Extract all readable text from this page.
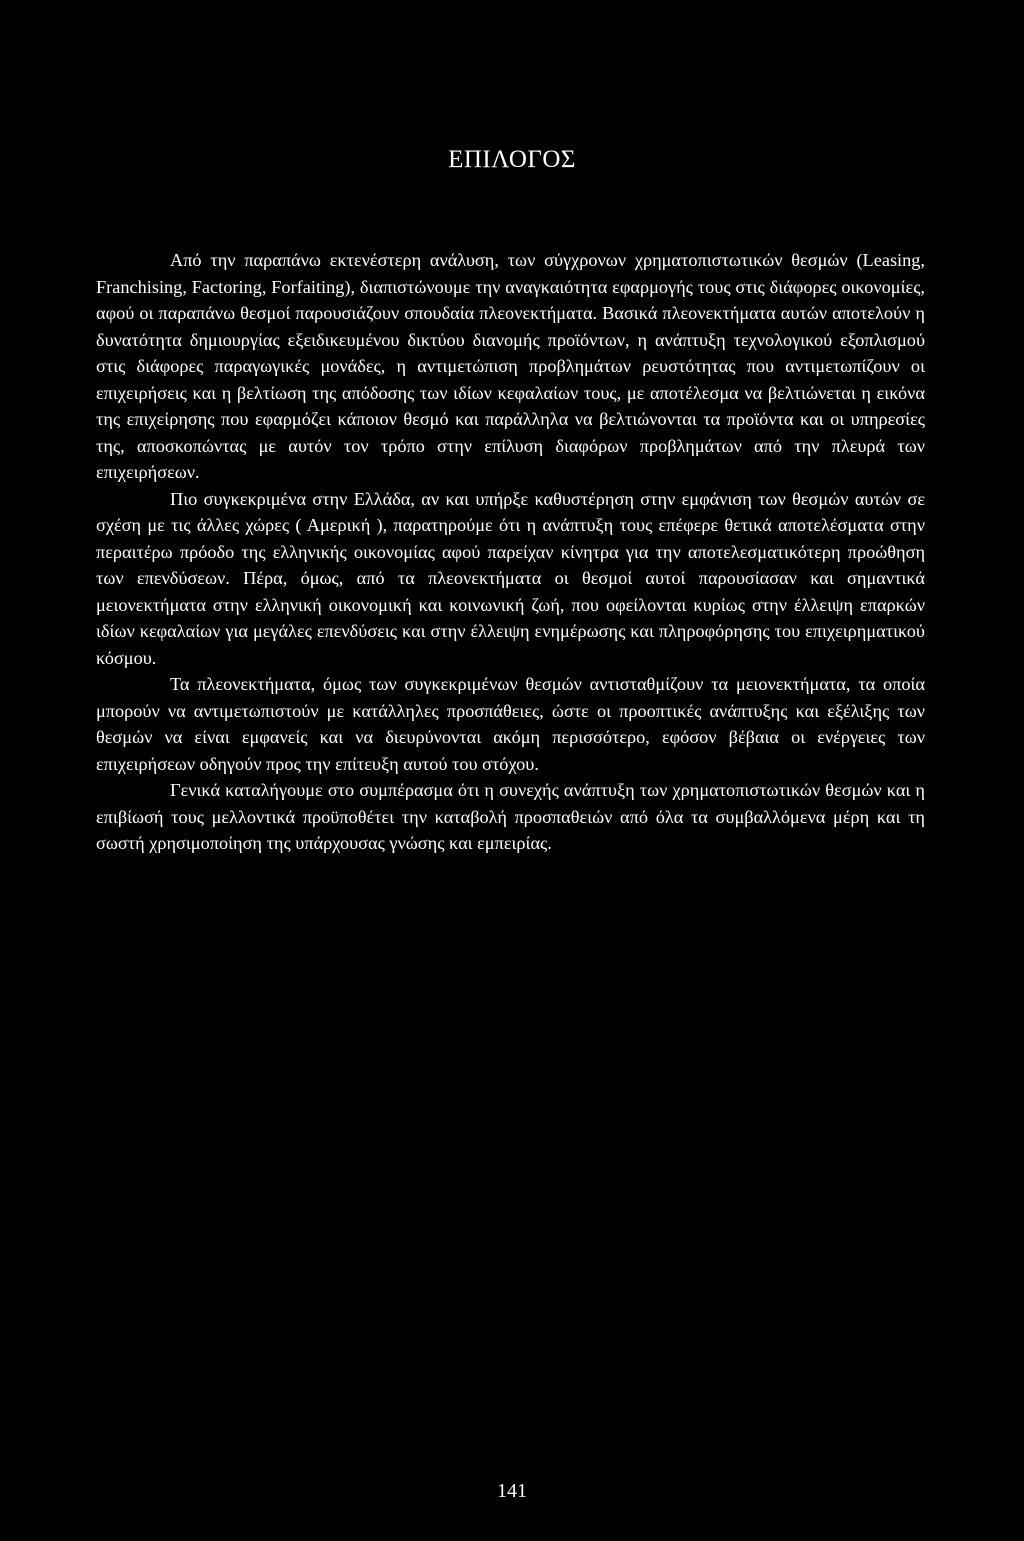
ΕΠΙΛΟΓΟΣ

Από την παραπάνω εκτενέστερη ανάλυση, των σύγχρονων χρηματοπιστωτικών θεσμών (Leasing, Franchising, Factoring, Forfaiting), διαπιστώνουμε την αναγκαιότητα εφαρμογής τους στις διάφορες οικονομίες, αφού οι παραπάνω θεσμοί παρουσιάζουν σπουδαία πλεονεκτήματα. Βασικά πλεονεκτήματα αυτών αποτελούν η δυνατότητα δημιουργίας εξειδικευμένου δικτύου διανομής προϊόντων, η ανάπτυξη τεχνολογικού εξοπλισμού στις διάφορες παραγωγικές μονάδες, η αντιμετώπιση προβλημάτων ρευστότητας που αντιμετωπίζουν οι επιχειρήσεις και η βελτίωση της απόδοσης των ιδίων κεφαλαίων τους, με αποτέλεσμα να βελτιώνεται η εικόνα της επιχείρησης που εφαρμόζει κάποιον θεσμό και παράλληλα να βελτιώνονται τα προϊόντα και οι υπηρεσίες της, αποσκοπώντας με αυτόν τον τρόπο στην επίλυση διαφόρων προβλημάτων από την πλευρά των επιχειρήσεων.

Πιο συγκεκριμένα στην Ελλάδα, αν και υπήρξε καθυστέρηση στην εμφάνιση των θεσμών αυτών σε σχέση με τις άλλες χώρες ( Αμερική ), παρατηρούμε ότι η ανάπτυξη τους επέφερε θετικά αποτελέσματα στην περαιτέρω πρόοδο της ελληνικής οικονομίας αφού παρείχαν κίνητρα για την αποτελεσματικότερη προώθηση των επενδύσεων. Πέρα, όμως, από τα πλεονεκτήματα οι θεσμοί αυτοί παρουσίασαν και σημαντικά μειονεκτήματα στην ελληνική οικονομική και κοινωνική ζωή, που οφείλονται κυρίως στην έλλειψη επαρκών ιδίων κεφαλαίων για μεγάλες επενδύσεις και στην έλλειψη ενημέρωσης και πληροφόρησης του επιχειρηματικού κόσμου.

Τα πλεονεκτήματα, όμως των συγκεκριμένων θεσμών αντισταθμίζουν τα μειονεκτήματα, τα οποία μπορούν να αντιμετωπιστούν με κατάλληλες προσπάθειες, ώστε οι προοπτικές ανάπτυξης και εξέλιξης των θεσμών να είναι εμφανείς και να διευρύνονται ακόμη περισσότερο, εφόσον βέβαια οι ενέργειες των επιχειρήσεων οδηγούν προς την επίτευξη αυτού του στόχου.

Γενικά καταλήγουμε στο συμπέρασμα ότι η συνεχής ανάπτυξη των χρηματοπιστωτικών θεσμών και η επιβίωσή τους μελλοντικά προϋποθέτει την καταβολή προσπαθειών από όλα τα συμβαλλόμενα μέρη και τη σωστή χρησιμοποίηση της υπάρχουσας γνώσης και εμπειρίας.

141
